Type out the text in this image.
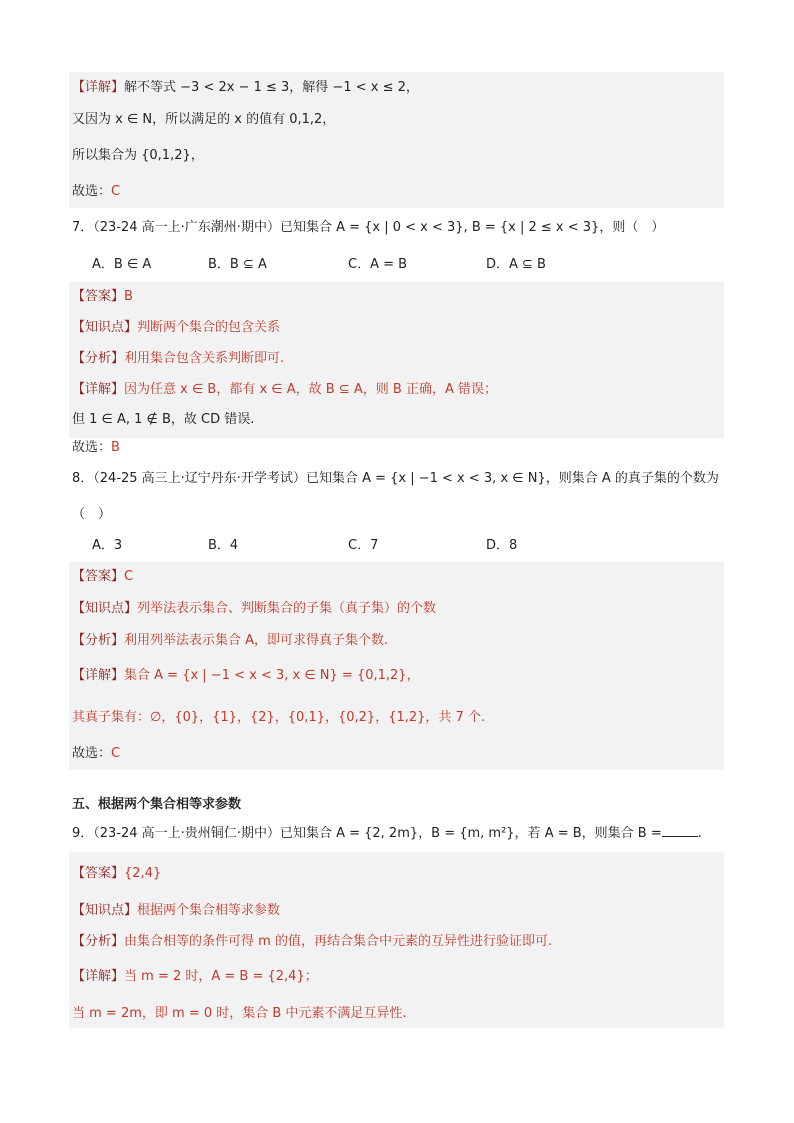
【详解】解不等式 −3 < 2x − 1 ≤ 3，解得 −1 < x ≤ 2，
又因为 x ∈ N，所以满足的 x 的值有 0,1,2，
所以集合为 {0,1,2}，
故选：C
7．（23-24 高一上·广东潮州·期中）已知集合 A = {x | 0 < x < 3}, B = {x | 2 ≤ x < 3}，则（　）
A．B ∈ A	B．B ⊆ A	C．A = B	D．A ⊆ B
【答案】B
【知识点】判断两个集合的包含关系
【分析】利用集合包含关系判断即可.
【详解】因为任意 x ∈ B，都有 x ∈ A，故 B ⊆ A，则 B 正确，A 错误；
但 1 ∈ A, 1 ∉ B，故 CD 错误.
故选：B
8．（24-25 高三上·辽宁丹东·开学考试）已知集合 A = {x | −1 < x < 3, x ∈ N}，则集合 A 的真子集的个数为
（　）
A．3	B．4	C．7	D．8
【答案】C
【知识点】列举法表示集合、判断集合的子集（真子集）的个数
【分析】利用列举法表示集合 A，即可求得真子集个数.
【详解】集合 A = {x | −1 < x < 3, x ∈ N} = {0,1,2}，
其真子集有：∅，{0}，{1}，{2}，{0,1}，{0,2}，{1,2}，共 7 个.
故选：C
五、根据两个集合相等求参数
9．（23-24 高一上·贵州铜仁·期中）已知集合 A = {2, 2m}，B = {m, m²}，若 A = B，则集合 B =	.
【答案】{2,4}
【知识点】根据两个集合相等求参数
【分析】由集合相等的条件可得 m 的值，再结合集合中元素的互异性进行验证即可.
【详解】当 m = 2 时，A = B = {2,4}；
当 m = 2m，即 m = 0 时，集合 B 中元素不满足互异性.
